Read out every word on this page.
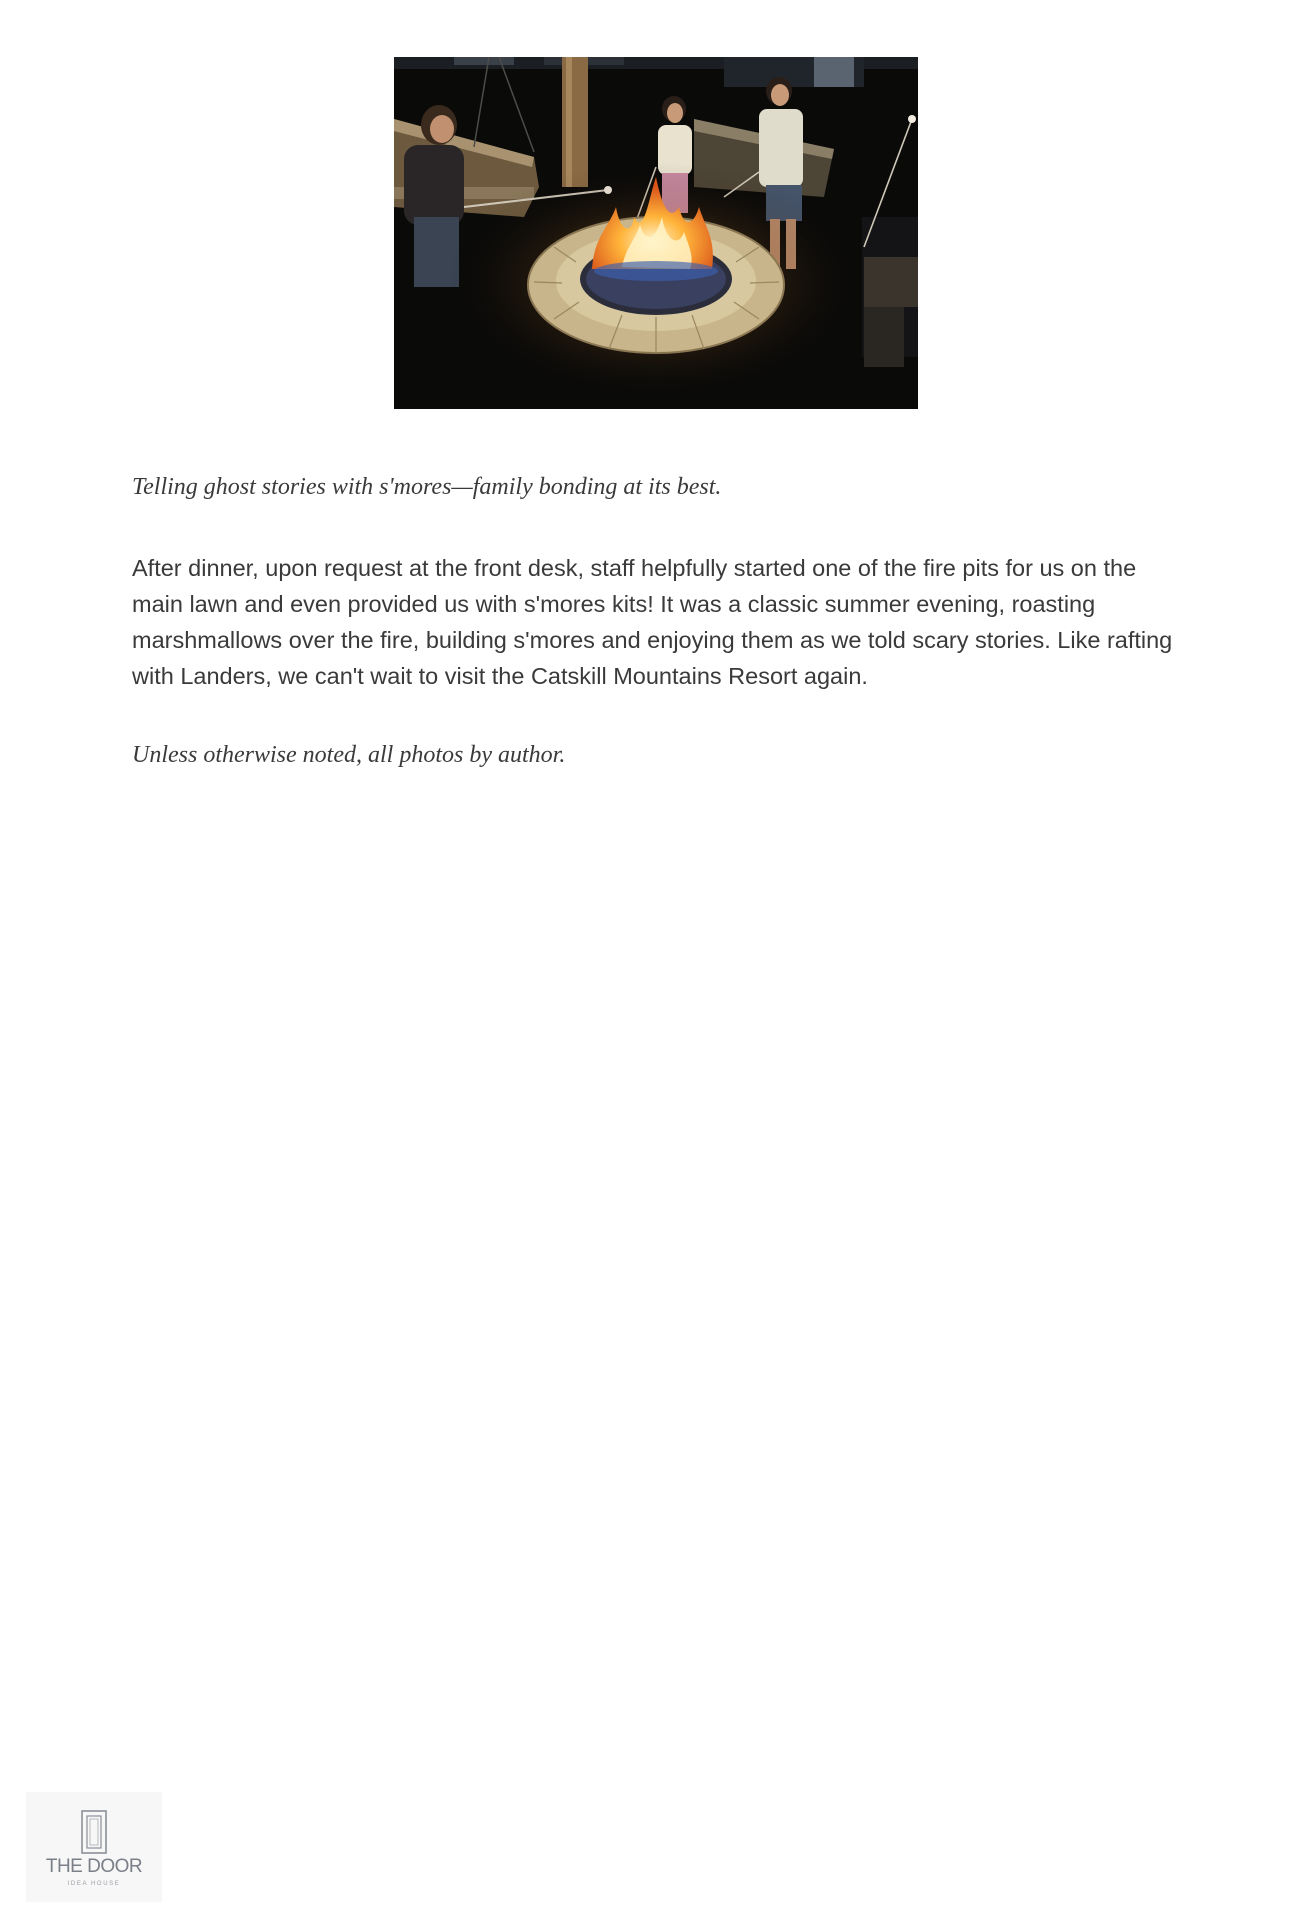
Telling ghost stories with s'mores—family bonding at its best.

After dinner, upon request at the front desk, staff helpfully started one of the fire pits for us on the main lawn and even provided us with s'mores kits! It was a classic summer evening, roasting marshmallows over the fire, building s'mores and enjoying them as we told scary stories. Like rafting with Landers, we can't wait to visit the Catskill Mountains Resort again.

Unless otherwise noted, all photos by author.

THE DOOR
IDEA HOUSE
